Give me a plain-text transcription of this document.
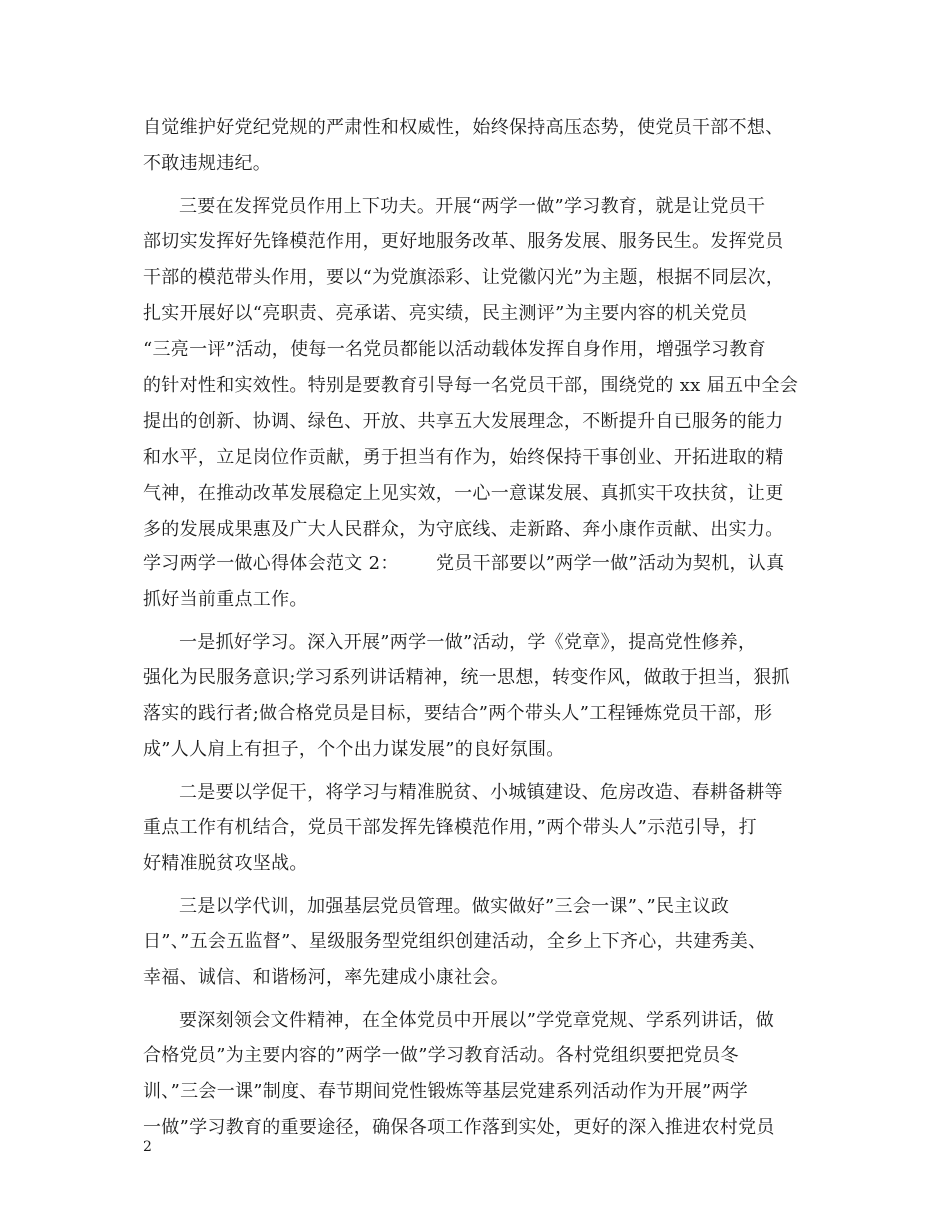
自觉维护好党纪党规的严肃性和权威性，始终保持高压态势，使党员干部不想、
不敢违规违纪。
三要在发挥党员作用上下功夫。开展“两学一做”学习教育，就是让党员干
部切实发挥好先锋模范作用，更好地服务改革、服务发展、服务民生。发挥党员
干部的模范带头作用，要以“为党旗添彩、让党徽闪光”为主题，根据不同层次，
扎实开展好以“亮职责、亮承诺、亮实绩，民主测评”为主要内容的机关党员
“三亮一评”活动，使每一名党员都能以活动载体发挥自身作用，增强学习教育
的针对性和实效性。特别是要教育引导每一名党员干部，围绕党的 xx 届五中全会
提出的创新、协调、绿色、开放、共享五大发展理念，不断提升自已服务的能力
和水平，立足岗位作贡献，勇于担当有作为，始终保持干事创业、开拓进取的精
气神，在推动改革发展稳定上见实效，一心一意谋发展、真抓实干攻扶贫，让更
多的发展成果惠及广大人民群众，为守底线、走新路、奔小康作贡献、出实力。
学习两学一做心得体会范文 2： 党员干部要以”两学一做”活动为契机，认真
抓好当前重点工作。
一是抓好学习。深入开展”两学一做”活动，学《党章》，提高党性修养，
强化为民服务意识;学习系列讲话精神，统一思想，转变作风，做敢于担当，狠抓
落实的践行者;做合格党员是目标，要结合”两个带头人”工程锤炼党员干部，形
成”人人肩上有担子，个个出力谋发展”的良好氛围。
二是要以学促干，将学习与精准脱贫、小城镇建设、危房改造、春耕备耕等
重点工作有机结合，党员干部发挥先锋模范作用，”两个带头人”示范引导，打
好精准脱贫攻坚战。
三是以学代训，加强基层党员管理。做实做好”三会一课”、”民主议政
日”、”五会五监督”、星级服务型党组织创建活动，全乡上下齐心，共建秀美、
幸福、诚信、和谐杨河，率先建成小康社会。
要深刻领会文件精神，在全体党员中开展以”学党章党规、学系列讲话，做
合格党员”为主要内容的”两学一做”学习教育活动。各村党组织要把党员冬
训、”三会一课”制度、春节期间党性锻炼等基层党建系列活动作为开展”两学
一做”学习教育的重要途径，确保各项工作落到实处，更好的深入推进农村党员
2
